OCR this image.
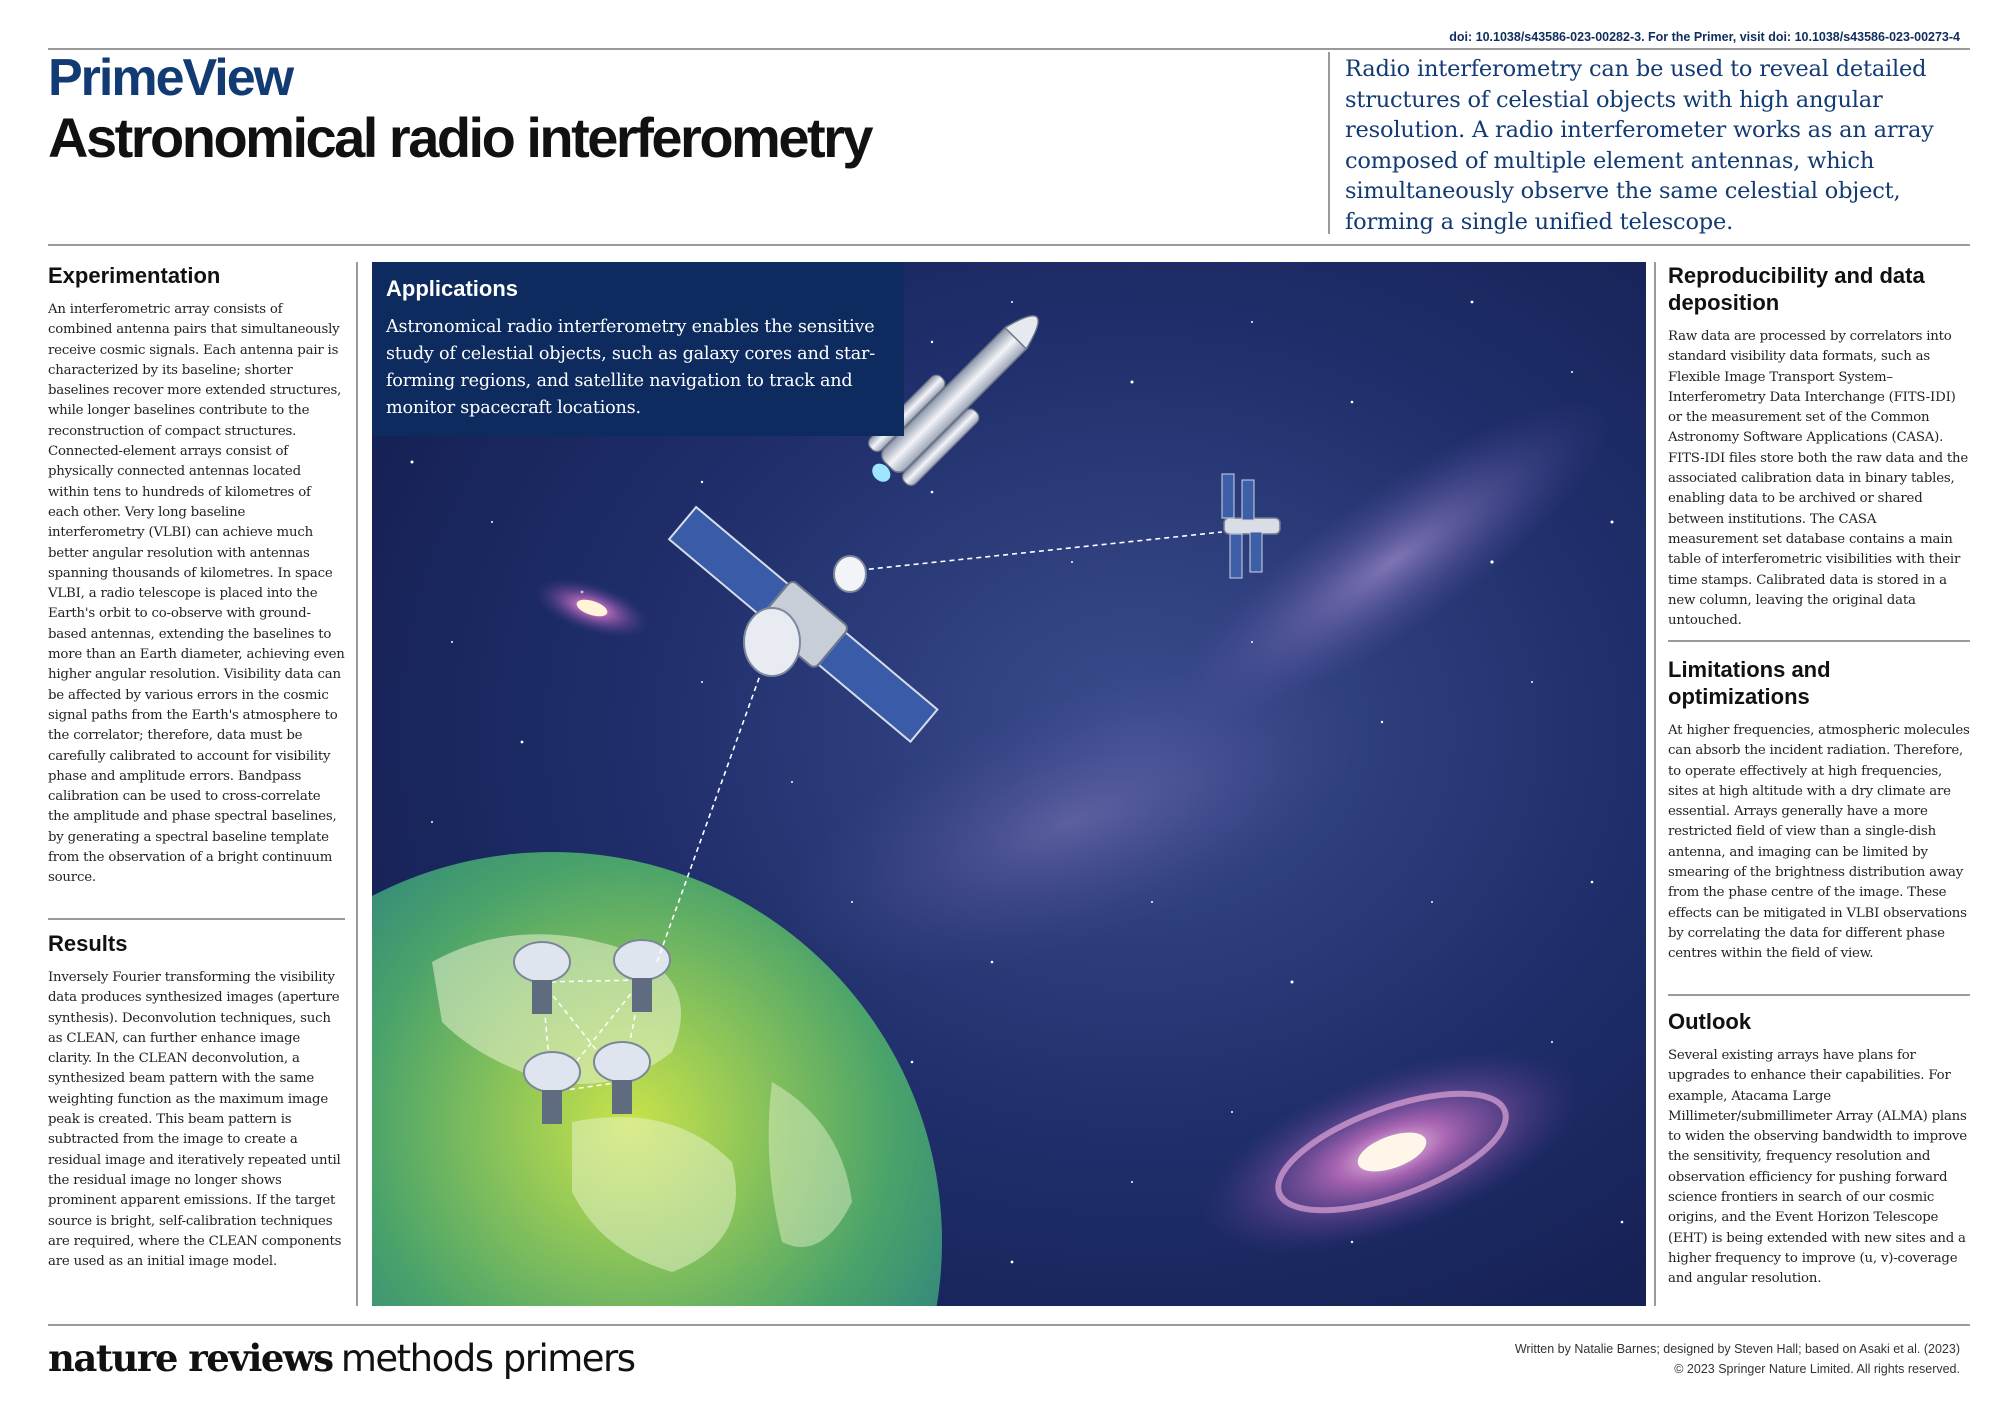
doi: 10.1038/s43586-023-00282-3. For the Primer, visit doi: 10.1038/s43586-023-00273-4
PrimeView
Astronomical radio interferometry
Radio interferometry can be used to reveal detailed structures of celestial objects with high angular resolution. A radio interferometer works as an array composed of multiple element antennas, which simultaneously observe the same celestial object, forming a single unified telescope.
Experimentation
An interferometric array consists of combined antenna pairs that simultaneously receive cosmic signals. Each antenna pair is characterized by its baseline; shorter baselines recover more extended structures, while longer baselines contribute to the reconstruction of compact structures. Connected-element arrays consist of physically connected antennas located within tens to hundreds of kilometres of each other. Very long baseline interferometry (VLBI) can achieve much better angular resolution with antennas spanning thousands of kilometres. In space VLBI, a radio telescope is placed into the Earth's orbit to co-observe with ground-based antennas, extending the baselines to more than an Earth diameter, achieving even higher angular resolution. Visibility data can be affected by various errors in the cosmic signal paths from the Earth's atmosphere to the correlator; therefore, data must be carefully calibrated to account for visibility phase and amplitude errors. Bandpass calibration can be used to cross-correlate the amplitude and phase spectral baselines, by generating a spectral baseline template from the observation of a bright continuum source.
Results
Inversely Fourier transforming the visibility data produces synthesized images (aperture synthesis). Deconvolution techniques, such as CLEAN, can further enhance image clarity. In the CLEAN deconvolution, a synthesized beam pattern with the same weighting function as the maximum image peak is created. This beam pattern is subtracted from the image to create a residual image and iteratively repeated until the residual image no longer shows prominent apparent emissions. If the target source is bright, self-calibration techniques are required, where the CLEAN components are used as an initial image model.
Applications
Astronomical radio interferometry enables the sensitive study of celestial objects, such as galaxy cores and star-forming regions, and satellite navigation to track and monitor spacecraft locations.
Reproducibility and data deposition
Raw data are processed by correlators into standard visibility data formats, such as Flexible Image Transport System–Interferometry Data Interchange (FITS-IDI) or the measurement set of the Common Astronomy Software Applications (CASA). FITS-IDI files store both the raw data and the associated calibration data in binary tables, enabling data to be archived or shared between institutions. The CASA measurement set database contains a main table of interferometric visibilities with their time stamps. Calibrated data is stored in a new column, leaving the original data untouched.
Limitations and optimizations
At higher frequencies, atmospheric molecules can absorb the incident radiation. Therefore, to operate effectively at high frequencies, sites at high altitude with a dry climate are essential. Arrays generally have a more restricted field of view than a single-dish antenna, and imaging can be limited by smearing of the brightness distribution away from the phase centre of the image. These effects can be mitigated in VLBI observations by correlating the data for different phase centres within the field of view.
Outlook
Several existing arrays have plans for upgrades to enhance their capabilities. For example, Atacama Large Millimeter/submillimeter Array (ALMA) plans to widen the observing bandwidth to improve the sensitivity, frequency resolution and observation efficiency for pushing forward science frontiers in search of our cosmic origins, and the Event Horizon Telescope (EHT) is being extended with new sites and a higher frequency to improve (u, v)-coverage and angular resolution.
nature reviews methods primers	Written by Natalie Barnes; designed by Steven Hall; based on Asaki et al. (2023)
© 2023 Springer Nature Limited. All rights reserved.
